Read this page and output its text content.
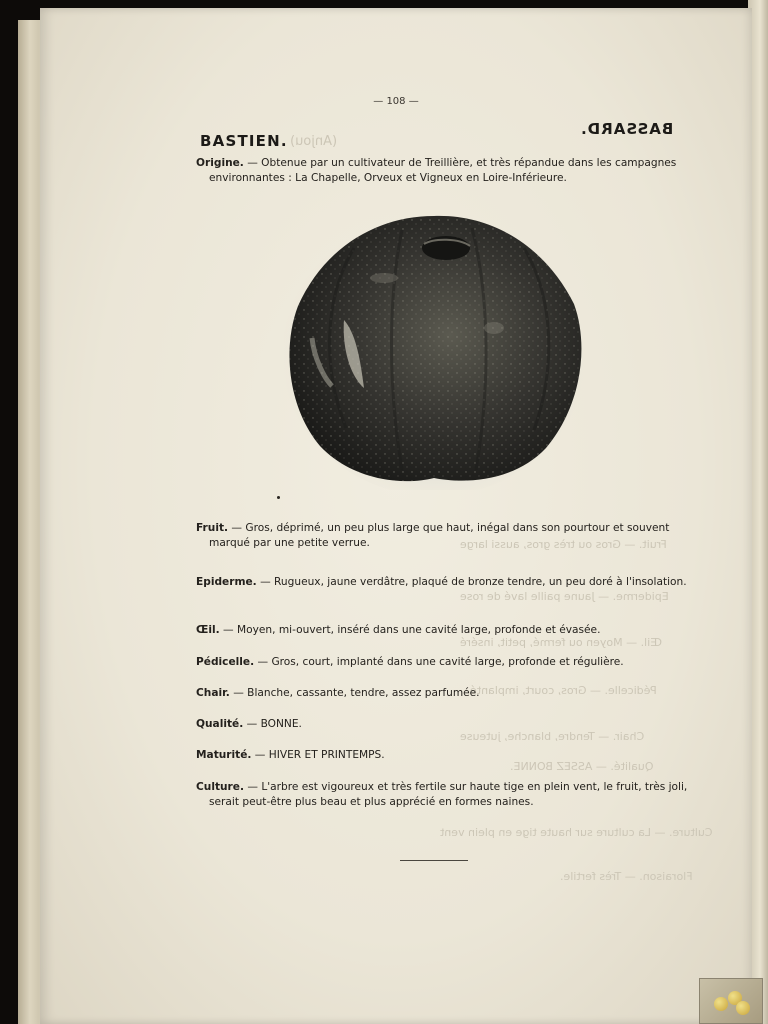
BASSARD.
(Anjou)
Fruit. — Gros ou très gros, aussi large
Epiderme. — Jaune paille lavé de rose
Œil. — Moyen ou fermé, petit, inséré
Pédicelle. — Gros, court, implanté
Chair. — Tendre, blanche, juteuse
Qualité. — ASSEZ BONNE.
Culture. — La culture sur haute tige en plein vent
Floraison. — Très fertile.
— 108 —
BASTIEN.
Origine. — Obtenue par un cultivateur de Treillière, et très répandue dans les campagnes environnantes : La Chapelle, Orveux et Vigneux en Loire-Inférieure.
Fruit. — Gros, déprimé, un peu plus large que haut, inégal dans son pourtour et souvent marqué par une petite verrue.
Epiderme. — Rugueux, jaune verdâtre, plaqué de bronze tendre, un peu doré à l'insolation.
Œil. — Moyen, mi-ouvert, inséré dans une cavité large, profonde et évasée.
Pédicelle. — Gros, court, implanté dans une cavité large, profonde et régulière.
Chair. — Blanche, cassante, tendre, assez parfumée.
Qualité. — BONNE.
Maturité. — HIVER ET PRINTEMPS.
Culture. — L'arbre est vigoureux et très fertile sur haute tige en plein vent, le fruit, très joli, serait peut-être plus beau et plus apprécié en formes naines.
